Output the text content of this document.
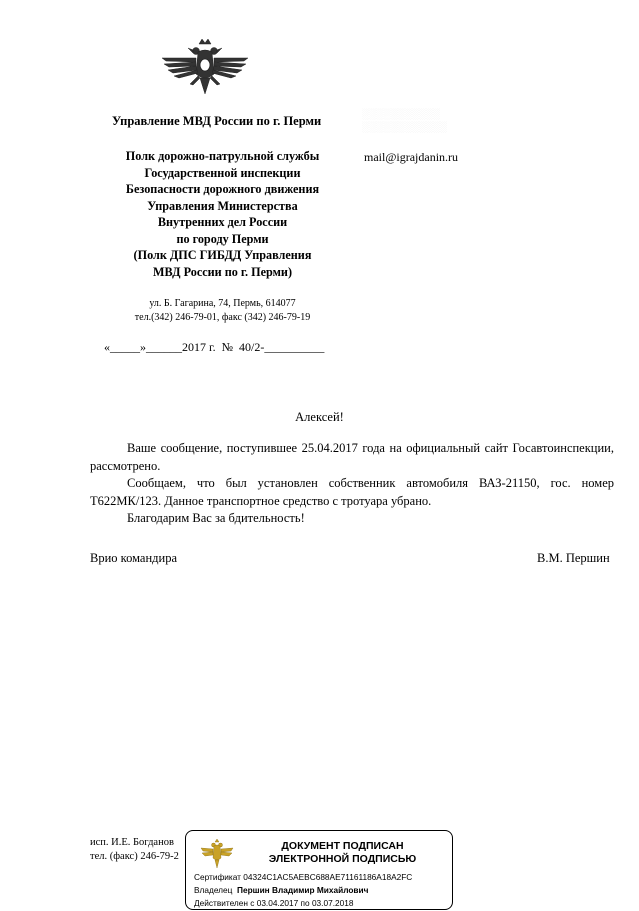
Управление МВД России по г. Перми	░░░░░░░░░░░
░░░░░░░░░░░░
mail@igrajdanin.ru
Полк дорожно-патрульной службы
Государственной инспекции
Безопасности дорожного движения
Управления Министерства
Внутренних дел России
по городу Перми
(Полк ДПС ГИБДД Управления
МВД России по г. Перми)
ул. Б. Гагарина, 74, Пермь, 614077
тел.(342) 246-79-01, факс (342) 246-79-19
«_____»______2017 г.  №  40/2-__________
Алексей!

Ваше сообщение, поступившее 25.04.2017 года на официальный сайт Госавтоинспекции, рассмотрено.

Сообщаем, что был установлен собственник автомобиля ВАЗ-21150, гос. номер Т622МК/123. Данное транспортное средство с тротуара убрано.

Благодарим Вас за бдительность!

Врио командира	В.М. Першин
исп. И.Е. Богданов
тел. (факс) 246-79-2
ДОКУМЕНТ ПОДПИСАН
ЭЛЕКТРОННОЙ ПОДПИСЬЮ
Сертификат 04324C1AC5AEBC688AE71161186A18A2FC
Владелец Першин Владимир Михайлович
Действителен с 03.04.2017 по 03.07.2018
